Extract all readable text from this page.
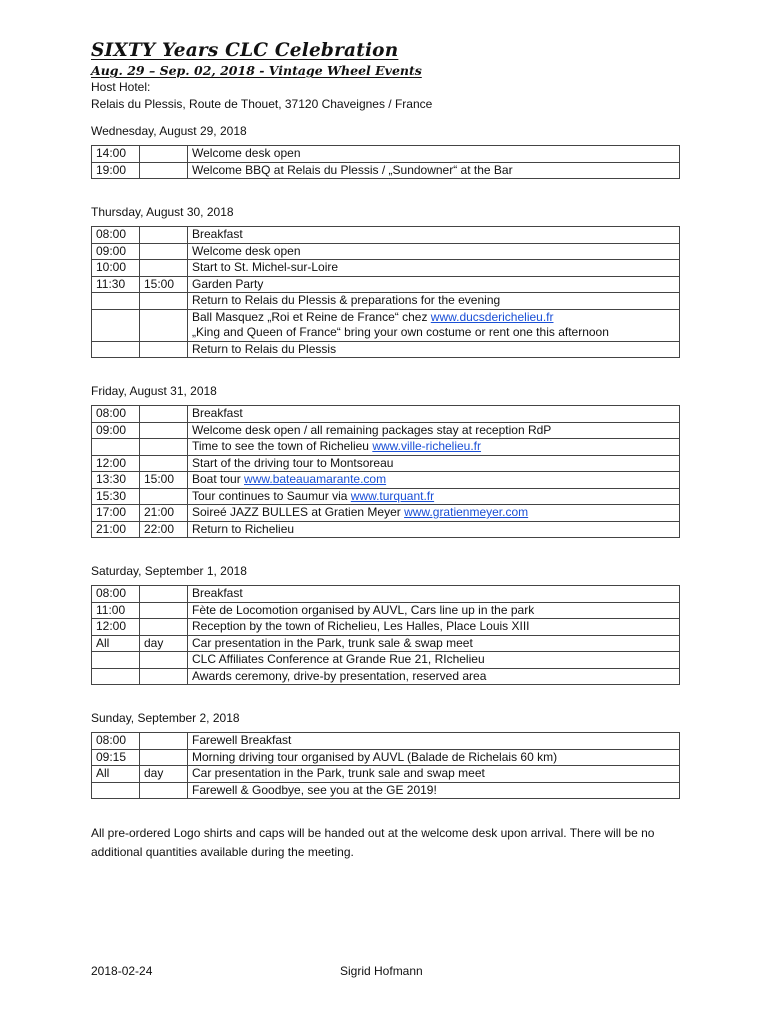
SIXTY Years CLC Celebration

Aug. 29 – Sep. 02, 2018 - Vintage Wheel Events

Host Hotel:

Relais du Plessis, Route de Thouet, 37120 Chaveignes / France

Wednesday, August 29, 2018

14:00		Welcome desk open
19:00		Welcome BBQ at Relais du Plessis / „Sundowner“ at the Bar

Thursday, August 30, 2018

08:00		Breakfast
09:00		Welcome desk open
10:00		Start to St. Michel-sur-Loire
11:30	15:00	Garden Party
		Return to Relais du Plessis & preparations for the evening
		Ball Masquez „Roi et Reine de France“ chez www.ducsderichelieu.fr
„King and Queen of France“ bring your own costume or rent one this afternoon
		Return to Relais du Plessis

Friday, August 31, 2018

08:00		Breakfast
09:00		Welcome desk open / all remaining packages stay at reception RdP
		Time to see the town of Richelieu www.ville-richelieu.fr
12:00		Start of the driving tour to Montsoreau
13:30	15:00	Boat tour www.bateauamarante.com
15:30		Tour continues to Saumur via www.turquant.fr
17:00	21:00	Soireé JAZZ BULLES at Gratien Meyer www.gratienmeyer.com
21:00	22:00	Return to Richelieu

Saturday, September 1, 2018

08:00		Breakfast
11:00		Fète de Locomotion organised by AUVL, Cars line up in the park
12:00		Reception by the town of Richelieu, Les Halles, Place Louis XIII
All	day	Car presentation in the Park, trunk sale & swap meet
		CLC Affiliates Conference at Grande Rue 21, RIchelieu
		Awards ceremony, drive-by presentation, reserved area

Sunday, September 2, 2018

08:00		Farewell Breakfast
09:15		Morning driving tour organised by AUVL (Balade de Richelais 60 km)
All	day	Car presentation in the Park, trunk sale and swap meet
		Farewell & Goodbye, see you at the GE 2019!

All pre-ordered Logo shirts and caps will be handed out at the welcome desk upon arrival. There will be no additional quantities available during the meeting.

2018-02-24	Sigrid Hofmann
